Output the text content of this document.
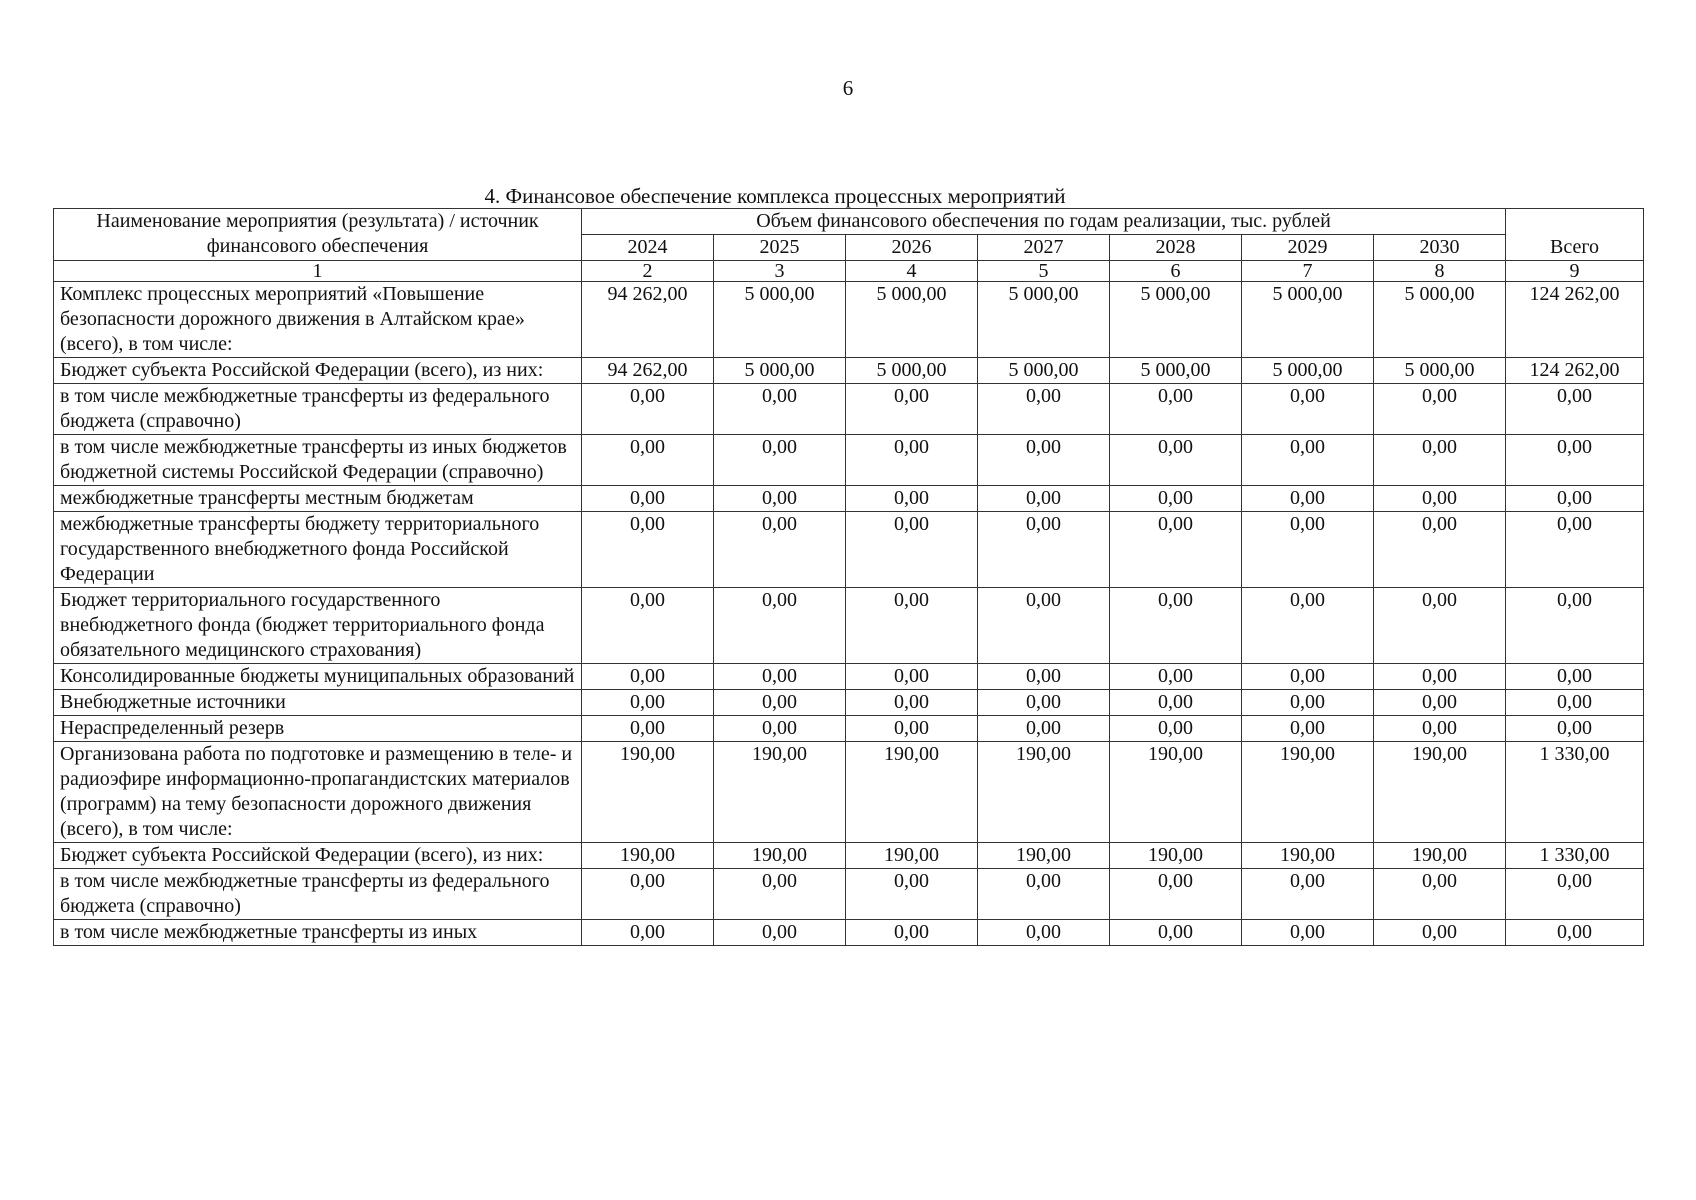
6
4. Финансовое обеспечение комплекса процессных мероприятий
Наименование мероприятия (результата) / источник финансового обеспечения	Объем финансового обеспечения по годам реализации, тыс. рублей							Всего
	2024	2025	2026	2027	2028	2029	2030	
1	2	3	4	5	6	7	8	9
Комплекс процессных мероприятий «Повышение безопасности дорожного движения в Алтайском крае» (всего), в том числе:	94 262,00	5 000,00	5 000,00	5 000,00	5 000,00	5 000,00	5 000,00	124 262,00
Бюджет субъекта Российской Федерации (всего), из них:	94 262,00	5 000,00	5 000,00	5 000,00	5 000,00	5 000,00	5 000,00	124 262,00
в том числе межбюджетные трансферты из федерального бюджета (справочно)	0,00	0,00	0,00	0,00	0,00	0,00	0,00	0,00
в том числе межбюджетные трансферты из иных бюджетов бюджетной системы Российской Федерации (справочно)	0,00	0,00	0,00	0,00	0,00	0,00	0,00	0,00
межбюджетные трансферты местным бюджетам	0,00	0,00	0,00	0,00	0,00	0,00	0,00	0,00
межбюджетные трансферты бюджету территориального государственного внебюджетного фонда Российской Федерации	0,00	0,00	0,00	0,00	0,00	0,00	0,00	0,00
Бюджет территориального государственного внебюджетного фонда (бюджет территориального фонда обязательного медицинского страхования)	0,00	0,00	0,00	0,00	0,00	0,00	0,00	0,00
Консолидированные бюджеты муниципальных образований	0,00	0,00	0,00	0,00	0,00	0,00	0,00	0,00
Внебюджетные источники	0,00	0,00	0,00	0,00	0,00	0,00	0,00	0,00
Нераспределенный резерв	0,00	0,00	0,00	0,00	0,00	0,00	0,00	0,00
Организована работа по подготовке и размещению в теле- и радиоэфире информационно-пропагандистских материалов (программ) на тему безопасности дорожного движения (всего), в том числе:	190,00	190,00	190,00	190,00	190,00	190,00	190,00	1 330,00
Бюджет субъекта Российской Федерации (всего), из них:	190,00	190,00	190,00	190,00	190,00	190,00	190,00	1 330,00
в том числе межбюджетные трансферты из федерального бюджета (справочно)	0,00	0,00	0,00	0,00	0,00	0,00	0,00	0,00
в том числе межбюджетные трансферты из иных	0,00	0,00	0,00	0,00	0,00	0,00	0,00	0,00
